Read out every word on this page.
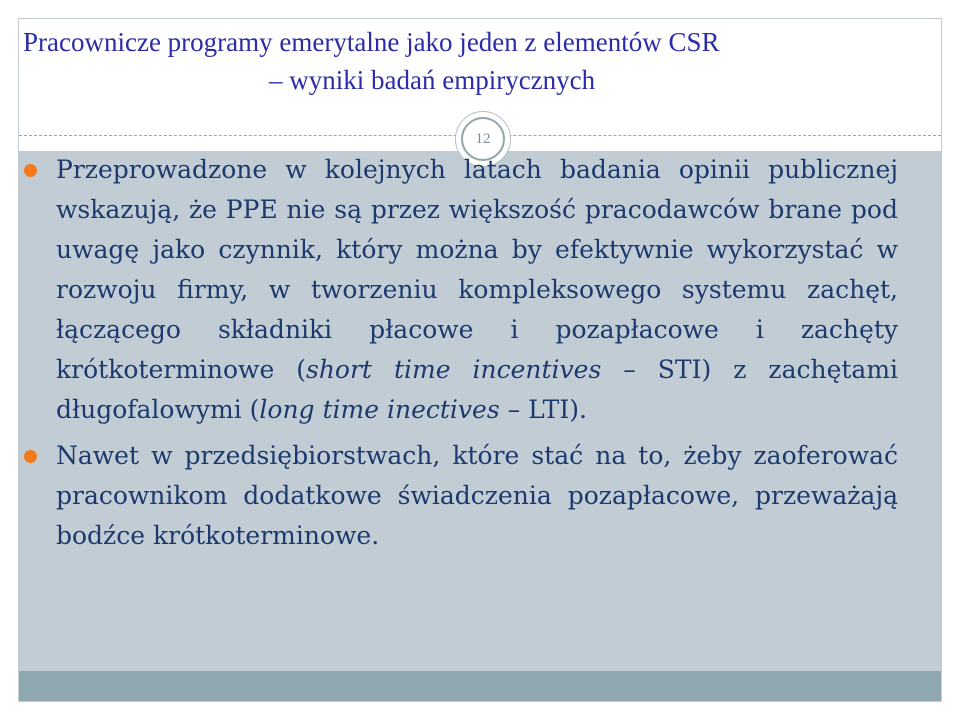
Pracownicze programy emerytalne jako jeden z elementów CSR
– wyniki badań empirycznych
12

Przeprowadzone w kolejnych latach badania opinii publicznej wskazują, że PPE nie są przez większość pracodawców brane pod uwagę jako czynnik, który można by efektywnie wykorzystać w rozwoju firmy, w tworzeniu kompleksowego systemu zachęt, łączącego składniki płacowe i pozapłacowe i zachęty krótkoterminowe (short time incentives – STI) z zachętami długofalowymi (long time inectives – LTI).

Nawet w przedsiębiorstwach, które stać na to, żeby zaoferować pracownikom dodatkowe świadczenia pozapłacowe, przeważają bodźce krótkoterminowe.
